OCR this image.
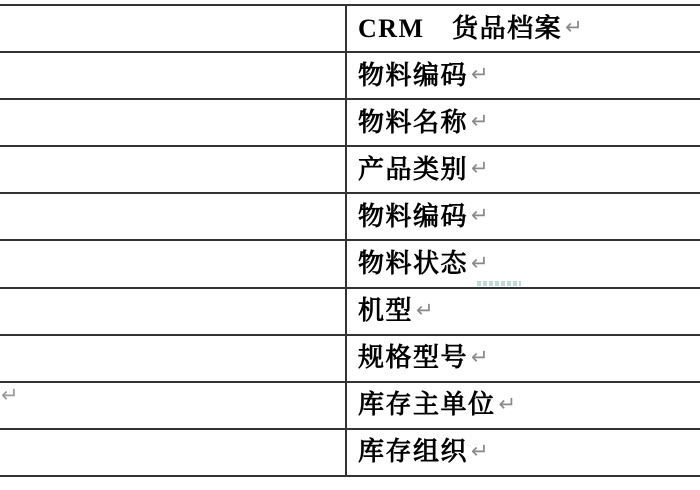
CRM　货品档案 ↵
物料编码 ↵
物料名称 ↵
产品类别 ↵
物料编码 ↵
物料状态 ↵
机型 ↵
规格型号 ↵
↵	库存主单位 ↵
库存组织 ↵
